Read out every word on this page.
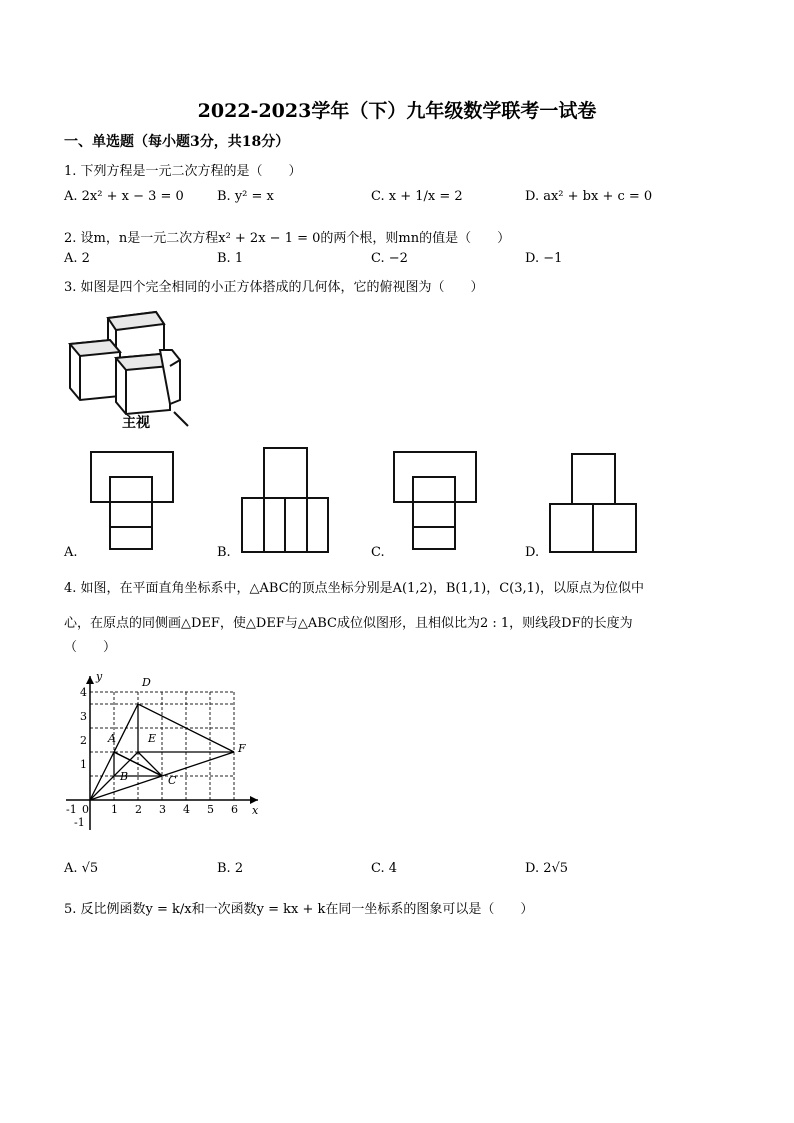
2022-2023学年（下）九年级数学联考一试卷
一、单选题（每小题3分，共18分）
1. 下列方程是一元二次方程的是（　　）
A. 2x² + x − 3 = 0	B. y² = x	C. x + 1/x = 2	D. ax² + bx + c = 0
2. 设m，n是一元二次方程x² + 2x − 1 = 0的两个根，则mn的值是（　　）
A. 2	B. 1	C. −2	D. −1
3. 如图是四个完全相同的小正方体搭成的几何体，它的俯视图为（　　）
主视
A.	B.	C.	D.
4. 如图，在平面直角坐标系中，△ABC的顶点坐标分别是A(1,2)，B(1,1)，C(3,1)，以原点为位似中
心，在原点的同侧画△DEF，使△DEF与△ABC成位似图形，且相似比为2 : 1，则线段DF的长度为
（　　）
D
A	E
F
B	C
-1 0 1 2 3 4 5 6
4
3
2
1
-1
x
y
A. √5	B. 2	C. 4	D. 2√5
5. 反比例函数y = k/x和一次函数y = kx + k在同一坐标系的图象可以是（　　）
